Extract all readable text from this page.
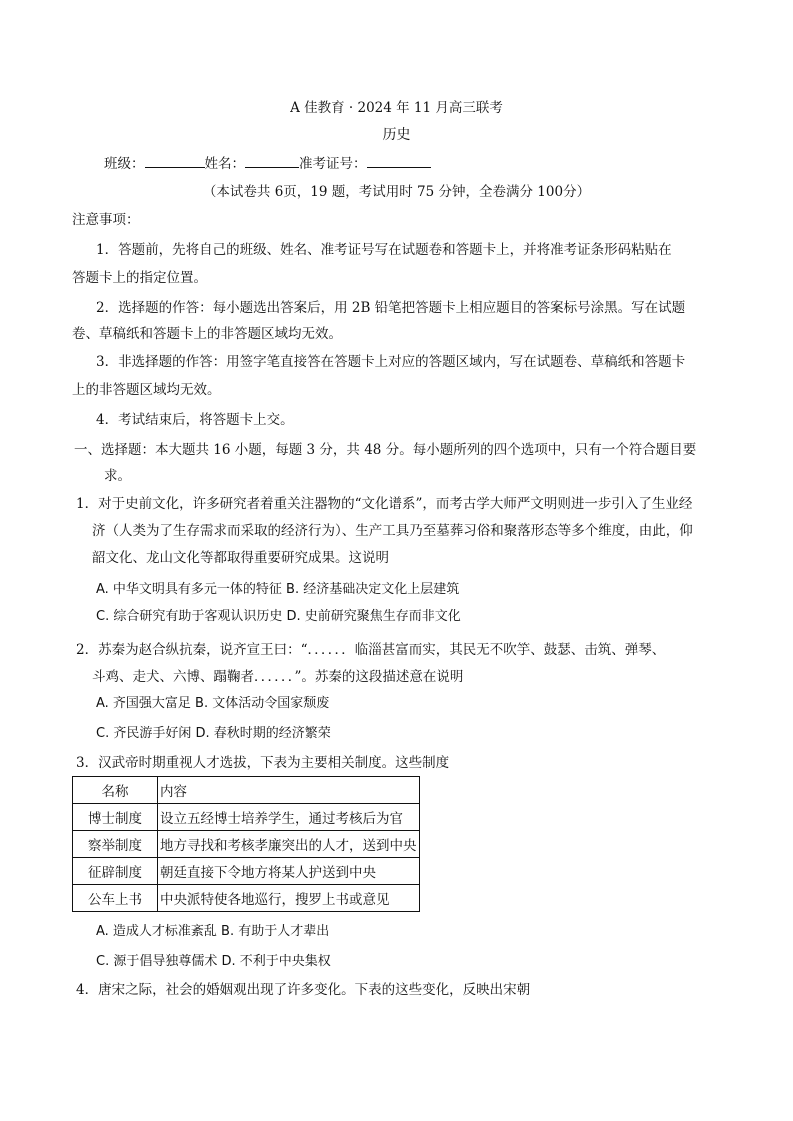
A 佳教育 · 2024 年 11 月高三联考
历史
班级：	姓名：	准考证号：
（本试卷共 6页，19 题，考试用时 75 分钟，全卷满分 100分）
注意事项：
1．答题前，先将自己的班级、姓名、准考证号写在试题卷和答题卡上，并将准考证条形码粘贴在
答题卡上的指定位置。
2．选择题的作答：每小题选出答案后，用 2B 铅笔把答题卡上相应题目的答案标号涂黑。写在试题
卷、草稿纸和答题卡上的非答题区域均无效。
3．非选择题的作答：用签字笔直接答在答题卡上对应的答题区域内，写在试题卷、草稿纸和答题卡
上的非答题区域均无效。
4．考试结束后，将答题卡上交。
一、选择题：本大题共 16 小题，每题 3 分，共 48 分。每小题所列的四个选项中，只有一个符合题目要
求。
1．对于史前文化，许多研究者着重关注器物的“文化谱系”，而考古学大师严文明则进一步引入了生业经
济（人类为了生存需求而采取的经济行为）、生产工具乃至墓葬习俗和聚落形态等多个维度，由此，仰
韶文化、龙山文化等都取得重要研究成果。这说明
A. 中华文明具有多元一体的特征 B. 经济基础决定文化上层建筑
C. 综合研究有助于客观认识历史 D. 史前研究聚焦生存而非文化
2．苏秦为赵合纵抗秦，说齐宣王曰：“．．．．．．临淄甚富而实，其民无不吹竽、鼓瑟、击筑、弹琴、
斗鸡、走犬、六博、蹋鞠者．．．．．．”。苏秦的这段描述意在说明
A. 齐国强大富足 B. 文体活动令国家颓废
C. 齐民游手好闲 D. 春秋时期的经济繁荣
3．汉武帝时期重视人才选拔，下表为主要相关制度。这些制度
名称	内容
博士制度	设立五经博士培养学生，通过考核后为官
察举制度	地方寻找和考核孝廉突出的人才，送到中央
征辟制度	朝廷直接下令地方将某人护送到中央
公车上书	中央派特使各地巡行，搜罗上书或意见
A. 造成人才标准紊乱 B. 有助于人才辈出
C. 源于倡导独尊儒术 D. 不利于中央集权
4．唐宋之际，社会的婚姻观出现了许多变化。下表的这些变化，反映出宋朝
